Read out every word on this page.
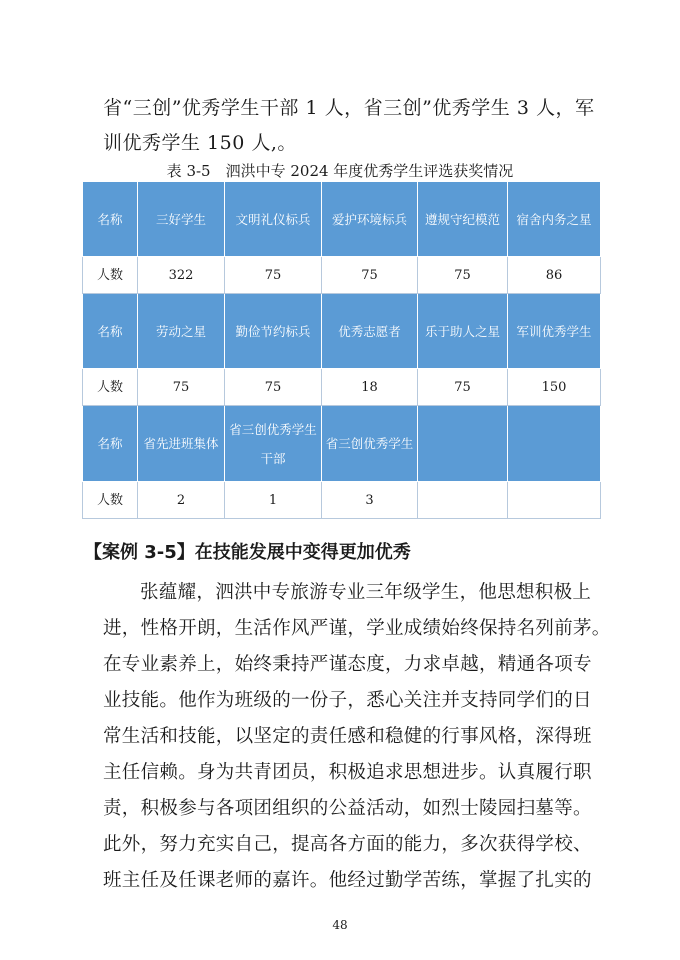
省“三创”优秀学生干部 1 人，省三创”优秀学生 3 人，军
训优秀学生 150 人,。
表 3-5　泗洪中专 2024 年度优秀学生评选获奖情况
名称	三好学生	文明礼仪标兵	爱护环境标兵	遵规守纪模范	宿舍内务之星
人数	322	75	75	75	86
名称	劳动之星	勤俭节约标兵	优秀志愿者	乐于助人之星	军训优秀学生
人数	75	75	18	75	150
名称	省先进班集体	省三创优秀学生干部	省三创优秀学生		
人数	2	1	3		
【案例 3-5】在技能发展中变得更加优秀
张蕴耀，泗洪中专旅游专业三年级学生，他思想积极上
进，性格开朗，生活作风严谨，学业成绩始终保持名列前茅。
在专业素养上，始终秉持严谨态度，力求卓越，精通各项专
业技能。他作为班级的一份子，悉心关注并支持同学们的日
常生活和技能，以坚定的责任感和稳健的行事风格，深得班
主任信赖。身为共青团员，积极追求思想进步。认真履行职
责，积极参与各项团组织的公益活动，如烈士陵园扫墓等。
此外，努力充实自己，提高各方面的能力，多次获得学校、
班主任及任课老师的嘉许。他经过勤学苦练，掌握了扎实的
48
